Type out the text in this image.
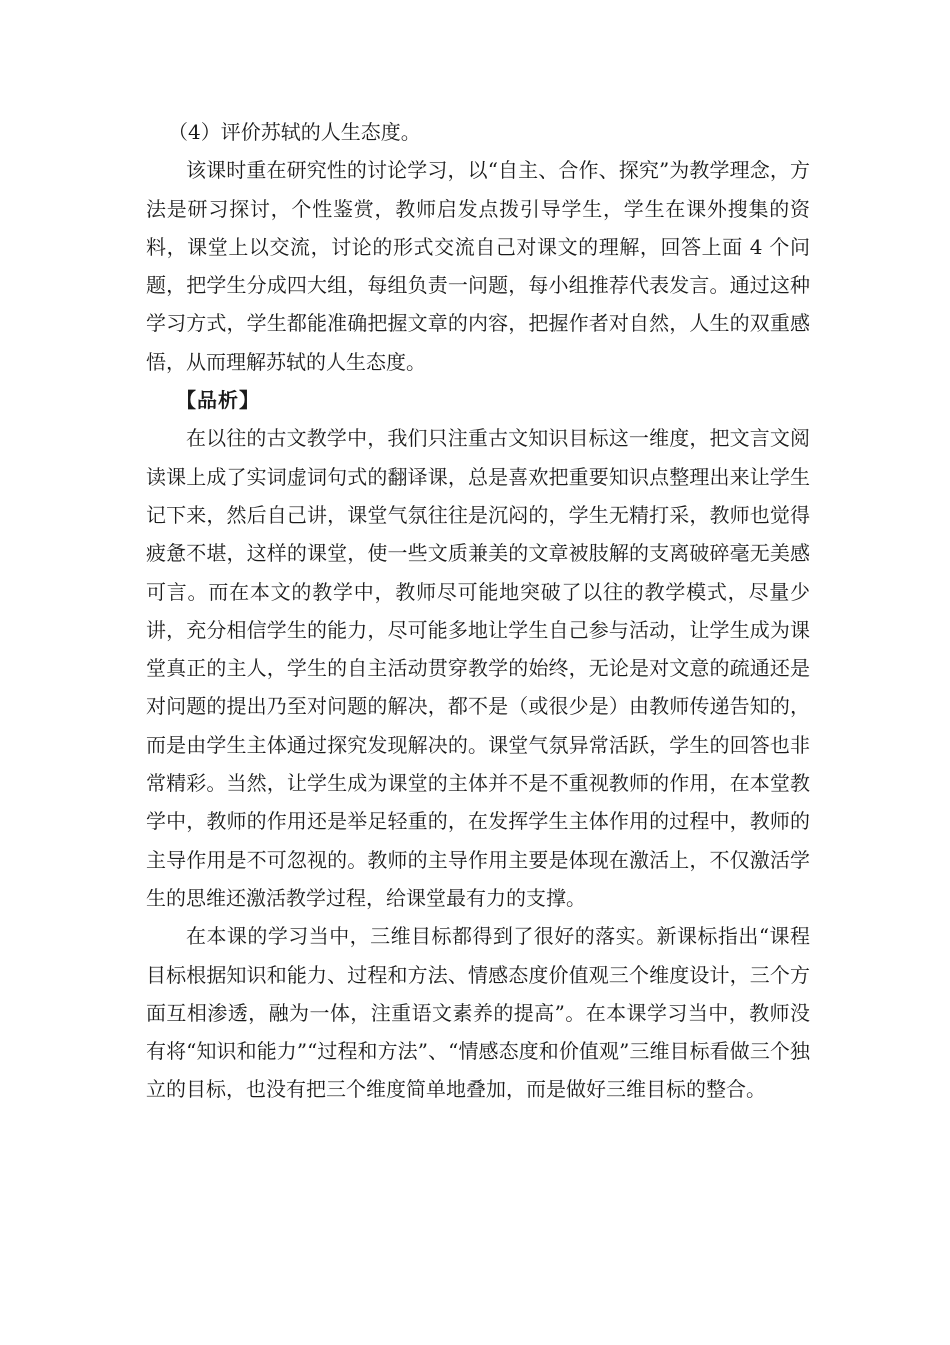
（4）评价苏轼的人生态度。

该课时重在研究性的讨论学习，以“自主、合作、探究”为教学理念，方法是研习探讨，个性鉴赏，教师启发点拨引导学生，学生在课外搜集的资料，课堂上以交流，讨论的形式交流自己对课文的理解，回答上面 4 个问题，把学生分成四大组，每组负责一问题，每小组推荐代表发言。通过这种学习方式，学生都能准确把握文章的内容，把握作者对自然，人生的双重感悟，从而理解苏轼的人生态度。

【品析】

在以往的古文教学中，我们只注重古文知识目标这一维度，把文言文阅读课上成了实词虚词句式的翻译课，总是喜欢把重要知识点整理出来让学生记下来，然后自己讲，课堂气氛往往是沉闷的，学生无精打采，教师也觉得疲惫不堪，这样的课堂，使一些文质兼美的文章被肢解的支离破碎毫无美感可言。而在本文的教学中，教师尽可能地突破了以往的教学模式，尽量少讲，充分相信学生的能力，尽可能多地让学生自己参与活动，让学生成为课堂真正的主人，学生的自主活动贯穿教学的始终，无论是对文意的疏通还是对问题的提出乃至对问题的解决，都不是（或很少是）由教师传递告知的，而是由学生主体通过探究发现解决的。课堂气氛异常活跃，学生的回答也非常精彩。当然，让学生成为课堂的主体并不是不重视教师的作用，在本堂教学中，教师的作用还是举足轻重的，在发挥学生主体作用的过程中，教师的主导作用是不可忽视的。教师的主导作用主要是体现在激活上，不仅激活学生的思维还激活教学过程，给课堂最有力的支撑。

在本课的学习当中，三维目标都得到了很好的落实。新课标指出“课程目标根据知识和能力、过程和方法、情感态度价值观三个维度设计，三个方面互相渗透，融为一体，注重语文素养的提高”。在本课学习当中，教师没有将“知识和能力”“过程和方法”、“情感态度和价值观”三维目标看做三个独立的目标，也没有把三个维度简单地叠加，而是做好三维目标的整合。
